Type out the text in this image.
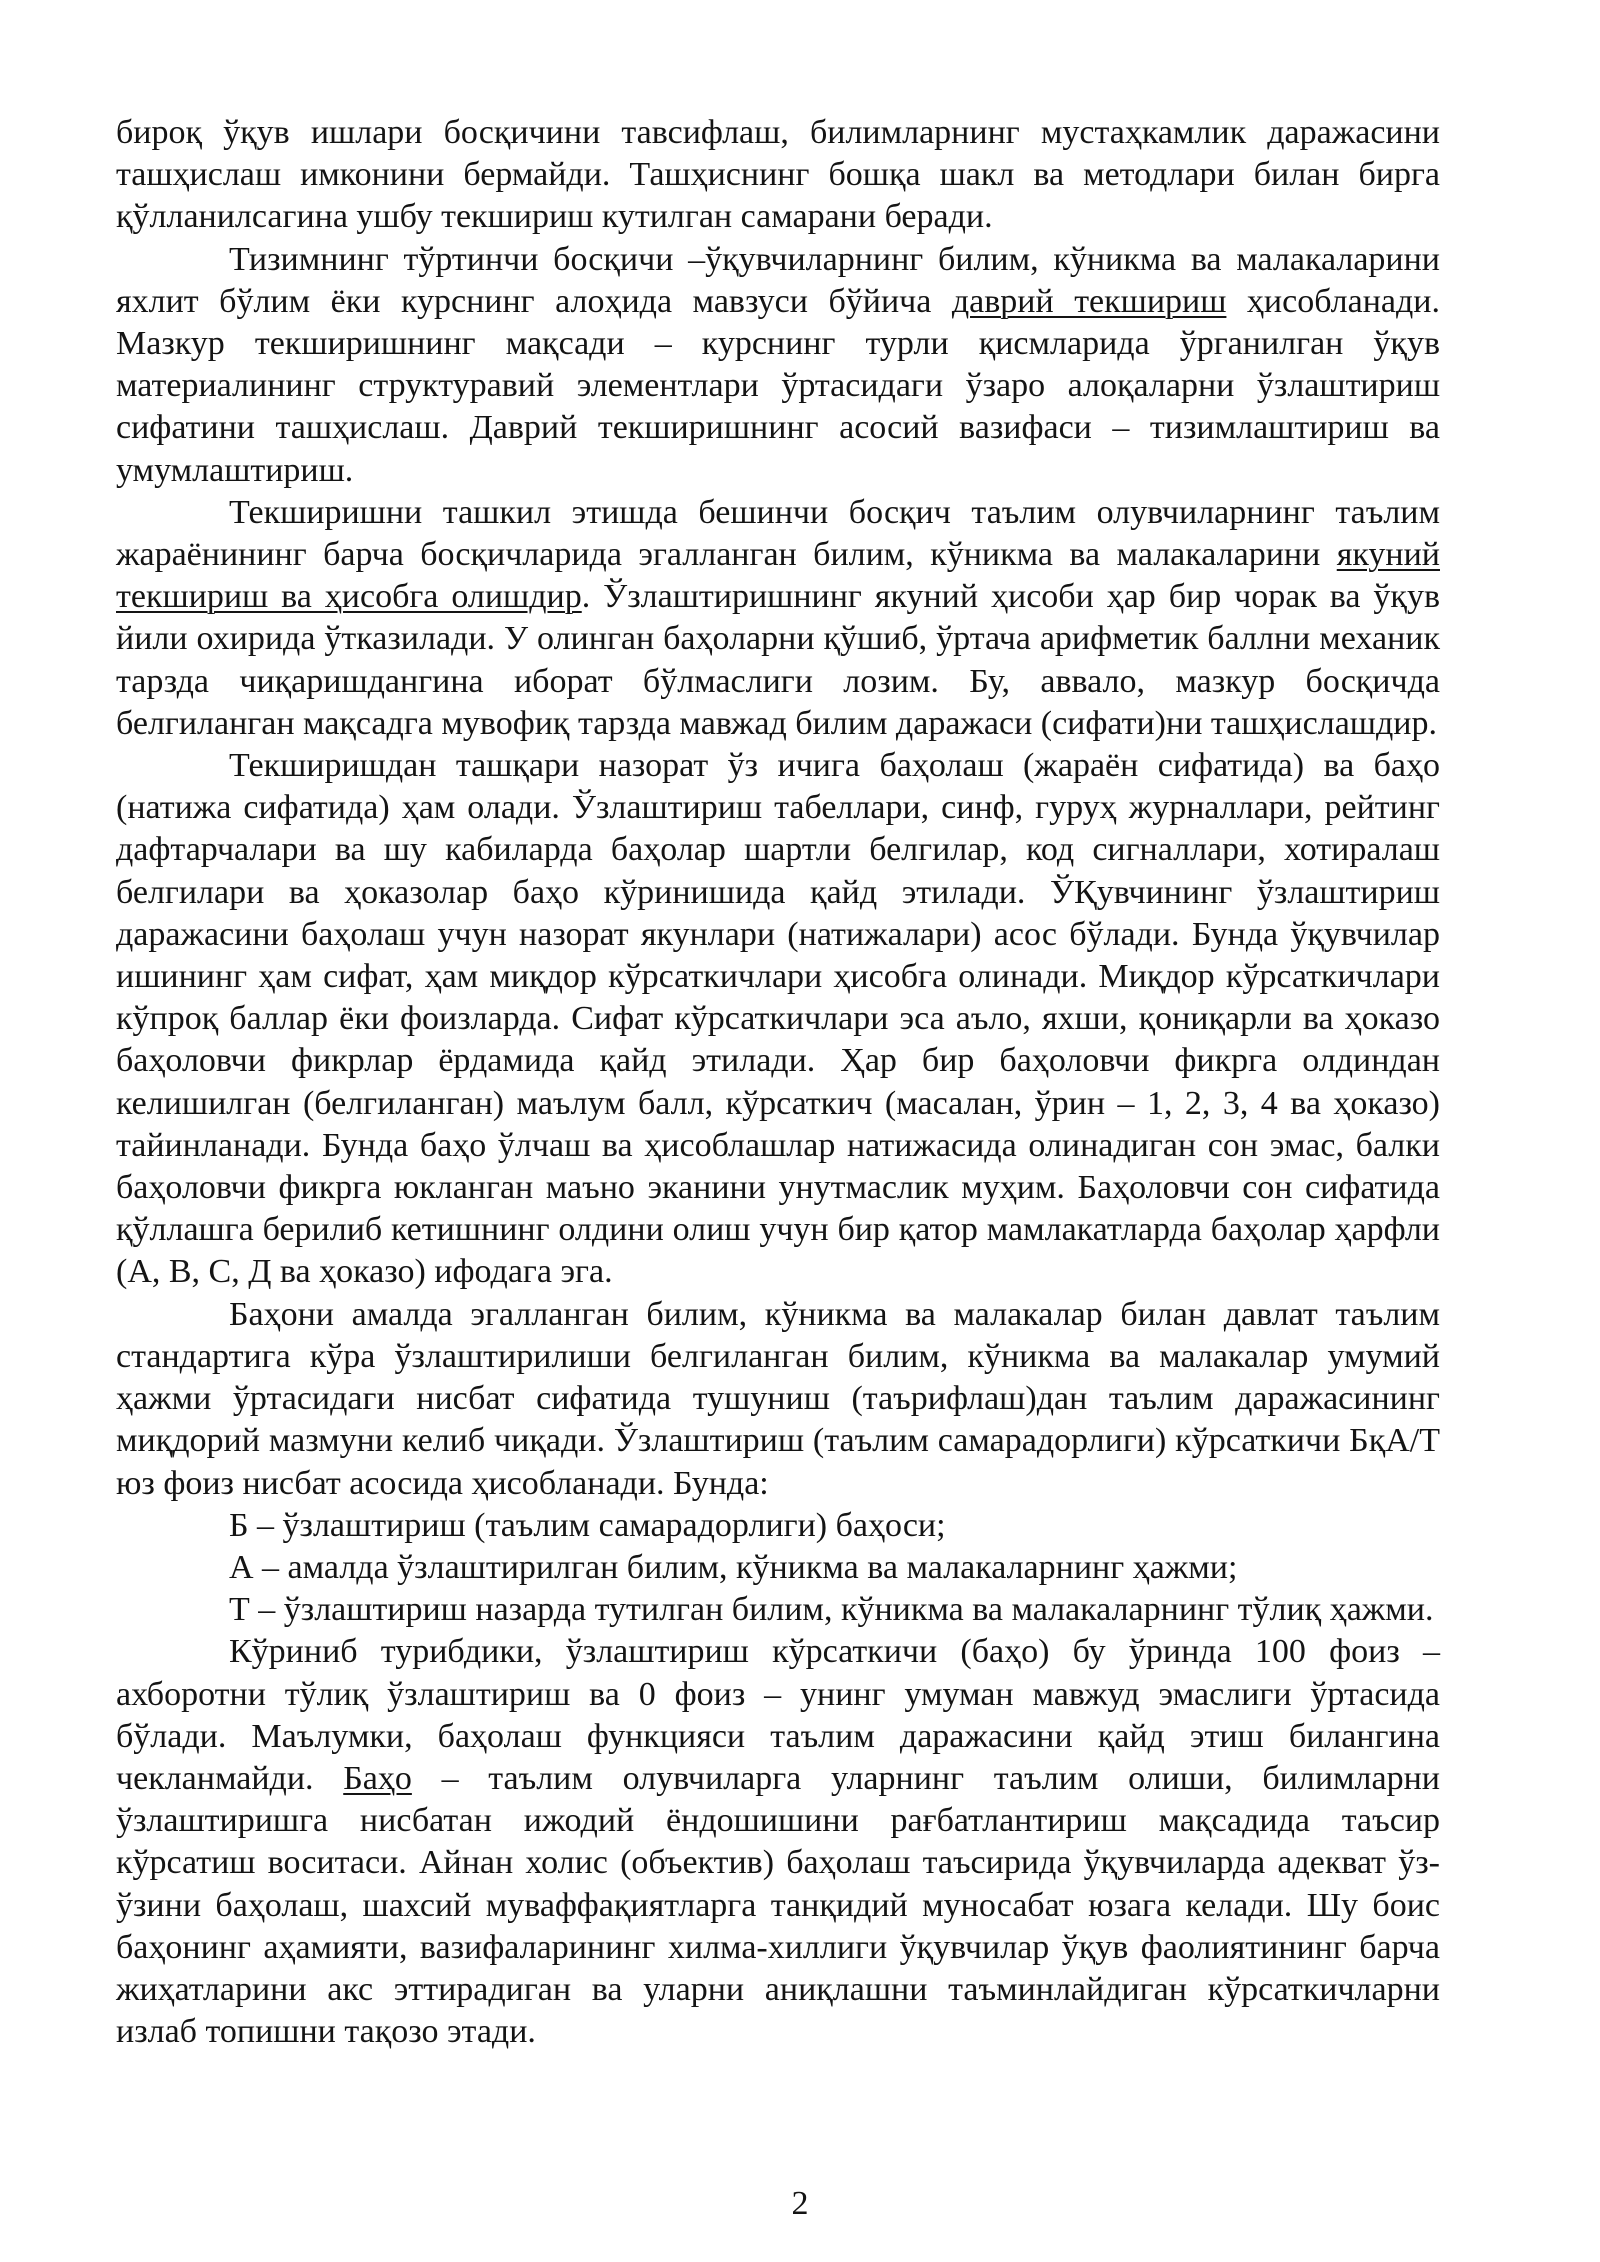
бироқ ўқув ишлари босқичини тавсифлаш, билимларнинг мустаҳкамлик даражасини ташҳислаш имконини бермайди. Ташҳиснинг бошқа шакл ва методлари билан бирга қўлланилсагина ушбу текшириш кутилган самарани беради.

Тизимнинг тўртинчи босқичи –ўқувчиларнинг билим, кўникма ва малакаларини яхлит бўлим ёки курснинг алоҳида мавзуси бўйича даврий текшириш ҳисобланади. Мазкур текширишнинг мақсади – курснинг турли қисмларида ўрганилган ўқув материалининг структуравий элементлари ўртасидаги ўзаро алоқаларни ўзлаштириш сифатини ташҳислаш. Даврий текширишнинг асосий вазифаси – тизимлаштириш ва умумлаштириш.

Текширишни ташкил этишда бешинчи босқич таълим олувчиларнинг таълим жараёнининг барча босқичларида эгалланган билим, кўникма ва малакаларини якуний текшириш ва ҳисобга олишдир. Ўзлаштиришнинг якуний ҳисоби ҳар бир чорак ва ўқув йили охирида ўтказилади. У олинган баҳоларни қўшиб, ўртача арифметик баллни механик тарзда чиқаришдангина иборат бўлмаслиги лозим. Бу, аввало, мазкур босқичда белгиланган мақсадга мувофиқ тарзда мавжад билим даражаси (сифати)ни ташҳислашдир.

Текширишдан ташқари назорат ўз ичига баҳолаш (жараён сифатида) ва баҳо (натижа сифатида) ҳам олади. Ўзлаштириш табеллари, синф, гуруҳ журналлари, рейтинг дафтарчалари ва шу кабиларда баҳолар шартли белгилар, код сигналлари, хотиралаш белгилари ва ҳоказолар баҳо кўринишида қайд этилади. ЎҚувчининг ўзлаштириш даражасини баҳолаш учун назорат якунлари (натижалари) асос бўлади. Бунда ўқувчилар ишининг ҳам сифат, ҳам миқдор кўрсаткичлари ҳисобга олинади. Миқдор кўрсаткичлари кўпроқ баллар ёки фоизларда. Сифат кўрсаткичлари эса аъло, яхши, қониқарли ва ҳоказо баҳоловчи фикрлар ёрдамида қайд этилади. Ҳар бир баҳоловчи фикрга олдиндан келишилган (белгиланган) маълум балл, кўрсаткич (масалан, ўрин – 1, 2, 3, 4 ва ҳоказо) тайинланади. Бунда баҳо ўлчаш ва ҳисоблашлар натижасида олинадиган сон эмас, балки баҳоловчи фикрга юкланган маъно эканини унутмаслик муҳим. Баҳоловчи сон сифатида қўллашга берилиб кетишнинг олдини олиш учун бир қатор мамлакатларда баҳолар ҳарфли (А, В, С, Д ва ҳоказо) ифодага эга.

Баҳони амалда эгалланган билим, кўникма ва малакалар билан давлат таълим стандартига кўра ўзлаштирилиши белгиланган билим, кўникма ва малакалар умумий ҳажми ўртасидаги нисбат сифатида тушуниш (таърифлаш)дан таълим даражасининг миқдорий мазмуни келиб чиқади. Ўзлаштириш (таълим самарадорлиги) кўрсаткичи БқА/Т юз фоиз нисбат асосида ҳисобланади. Бунда:

Б – ўзлаштириш (таълим самарадорлиги) баҳоси;

А – амалда ўзлаштирилган билим, кўникма ва малакаларнинг ҳажми;

Т – ўзлаштириш назарда тутилган билим, кўникма ва малакаларнинг тўлиқ ҳажми.

Кўриниб турибдики, ўзлаштириш кўрсаткичи (баҳо) бу ўринда 100 фоиз – ахборотни тўлиқ ўзлаштириш ва 0 фоиз – унинг умуман мавжуд эмаслиги ўртасида бўлади. Маълумки, баҳолаш функцияси таълим даражасини қайд этиш билангина чекланмайди. Баҳо – таълим олувчиларга уларнинг таълим олиши, билимларни ўзлаштиришга нисбатан ижодий ёндошишини рағбатлантириш мақсадида таъсир кўрсатиш воситаси. Айнан холис (объектив) баҳолаш таъсирида ўқувчиларда адекват ўз-ўзини баҳолаш, шахсий муваффақиятларга танқидий муносабат юзага келади. Шу боис баҳонинг аҳамияти, вазифаларининг хилма-хиллиги ўқувчилар ўқув фаолиятининг барча жиҳатларини акс эттирадиган ва уларни аниқлашни таъминлайдиган кўрсаткичларни излаб топишни тақозо этади.

2
